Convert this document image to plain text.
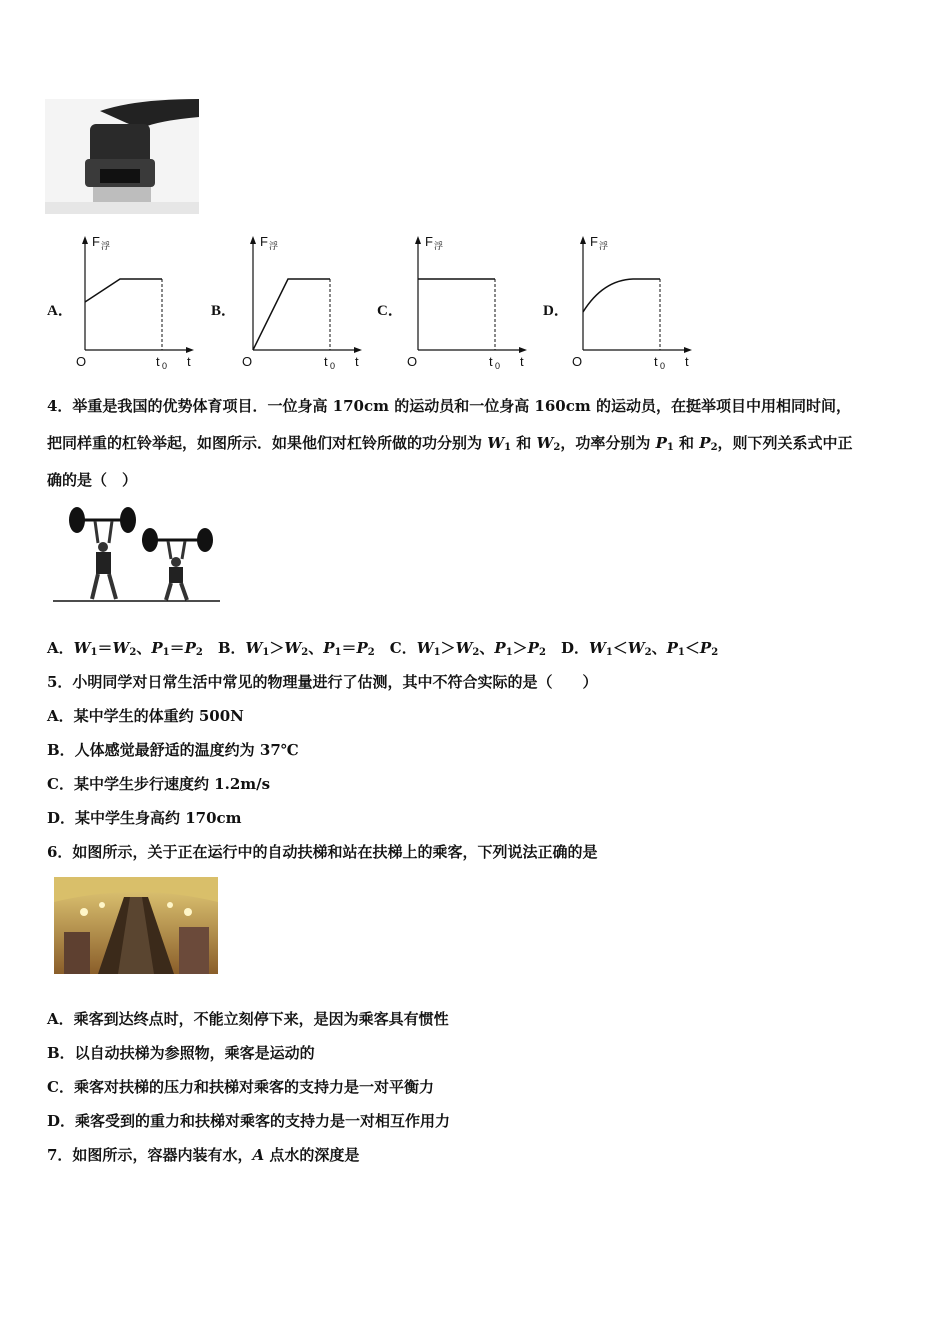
A．
F 浮
O	t 0 t
B．
F 浮
O	t 0 t
C．
F 浮
O	t 0 t
D．
F 浮
O	t 0 t
4．举重是我国的优势体育项目．一位身高 170cm 的运动员和一位身高 160cm 的运动员，在挺举项目中用相同时间，
把同样重的杠铃举起，如图所示．如果他们对杠铃所做的功分别为 $W_1$ 和 $W_2$，功率分别为 $P_1$ 和 $P_2$，则下列关系式中正
确的是（　）
A．$W_1=W_2$、$P_1=P_2$　 B．$W_1>W_2$、$P_1=P_2$　 C．$W_1>W_2$、$P_1>P_2$　 D．$W_1<W_2$、$P_1<P_2$
5．小明同学对日常生活中常见的物理量进行了估测，其中不符合实际的是（　　）
A．某中学生的体重约 500N
B．人体感觉最舒适的温度约为 37℃
C．某中学生步行速度约 1.2m/s
D．某中学生身高约 170cm
6．如图所示，关于正在运行中的自动扶梯和站在扶梯上的乘客，下列说法正确的是
A．乘客到达终点时，不能立刻停下来，是因为乘客具有惯性
B．以自动扶梯为参照物，乘客是运动的
C．乘客对扶梯的压力和扶梯对乘客的支持力是一对平衡力
D．乘客受到的重力和扶梯对乘客的支持力是一对相互作用力
7．如图所示，容器内装有水，A 点水的深度是
